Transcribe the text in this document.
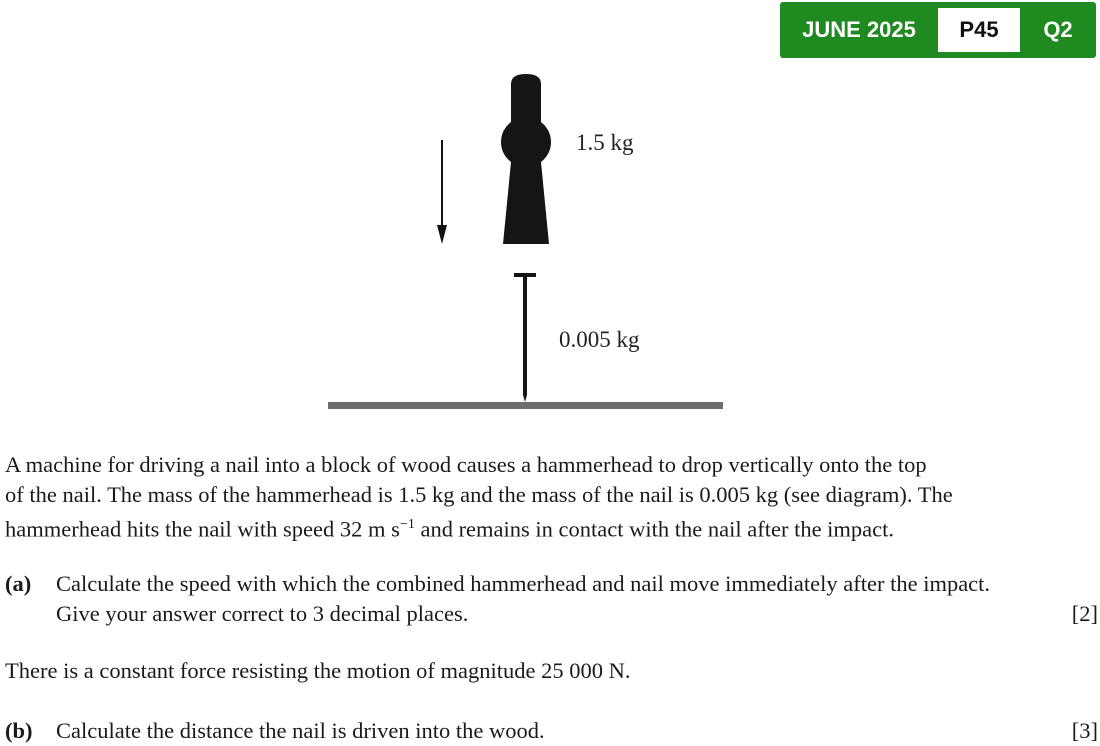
JUNE 2025	P45	Q2
1.5 kg
0.005 kg
A machine for driving a nail into a block of wood causes a hammerhead to drop vertically onto the top
of the nail. The mass of the hammerhead is 1.5 kg and the mass of the nail is 0.005 kg (see diagram). The
hammerhead hits the nail with speed 32 m $s^{-1}$ and remains in contact with the nail after the impact.
(a) Calculate the speed with which the combined hammerhead and nail move immediately after the impact.
Give your answer correct to 3 decimal places.	[2]
There is a constant force resisting the motion of magnitude 25 000 N.
(b) Calculate the distance the nail is driven into the wood.	[3]
